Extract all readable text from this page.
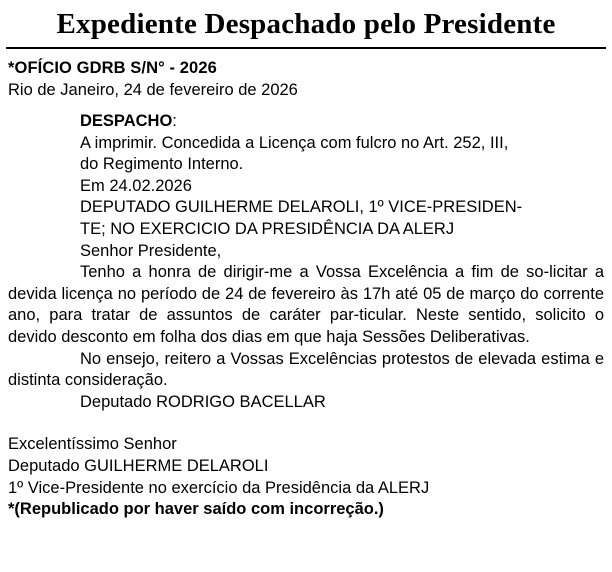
Expediente Despachado pelo Presidente
*OFÍCIO GDRB S/N° - 2026
Rio de Janeiro, 24 de fevereiro de 2026
DESPACHO:
A imprimir. Concedida a Licença com fulcro no Art. 252, III,
do Regimento Interno.
Em 24.02.2026
DEPUTADO GUILHERME DELAROLI, 1º VICE-PRESIDEN-
TE; NO EXERCICIO DA PRESIDÊNCIA DA ALERJ
Senhor Presidente,

Tenho a honra de dirigir-me a Vossa Excelência a fim de so-licitar a devida licença no período de 24 de fevereiro às 17h até 05 de março do corrente ano, para tratar de assuntos de caráter par-ticular. Neste sentido, solicito o devido desconto em folha dos dias em que haja Sessões Deliberativas.

No ensejo, reitero a Vossas Excelências protestos de elevada estima e distinta consideração.

Deputado RODRIGO BACELLAR
Excelentíssimo Senhor
Deputado GUILHERME DELAROLI
1º Vice-Presidente no exercício da Presidência da ALERJ
*(Republicado por haver saído com incorreção.)
